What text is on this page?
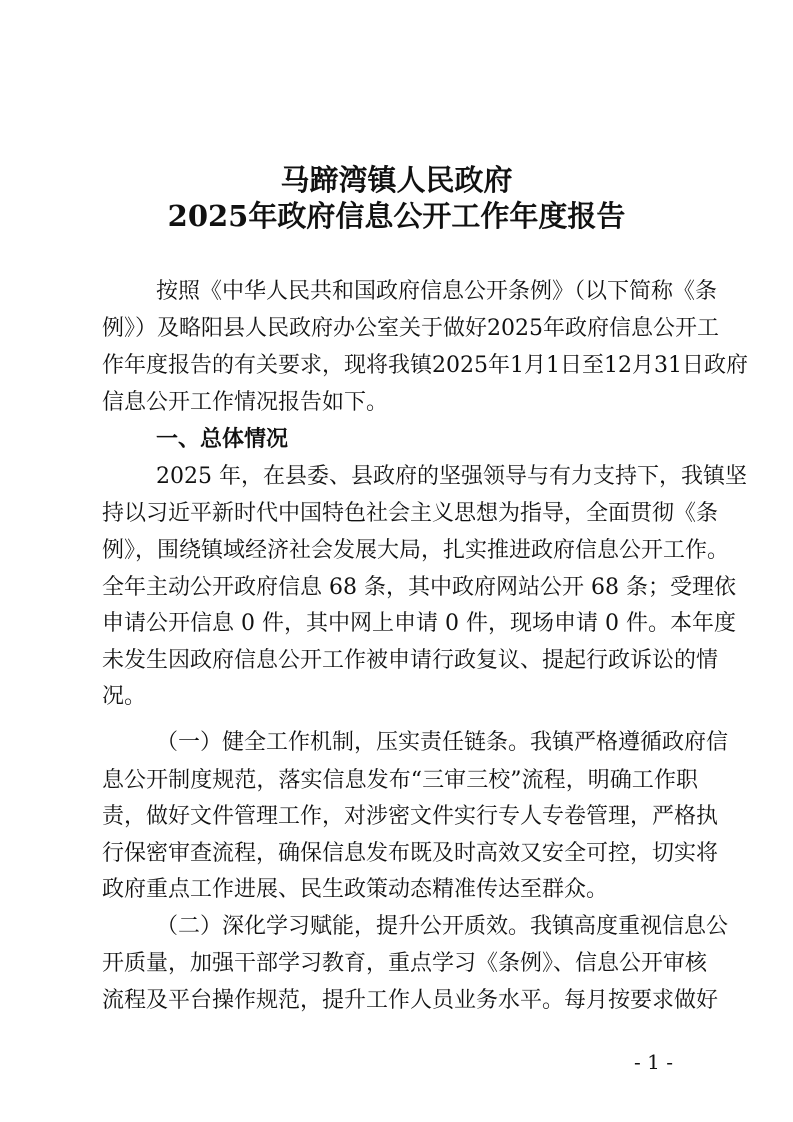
马蹄湾镇人民政府
2025年政府信息公开工作年度报告
按照《中华人民共和国政府信息公开条例》（以下简称《条
例》）及略阳县人民政府办公室关于做好2025年政府信息公开工
作年度报告的有关要求，现将我镇2025年1月1日至12月31日政府
信息公开工作情况报告如下。
一、总体情况
2025 年，在县委、县政府的坚强领导与有力支持下，我镇坚
持以习近平新时代中国特色社会主义思想为指导，全面贯彻《条
例》，围绕镇域经济社会发展大局，扎实推进政府信息公开工作。
全年主动公开政府信息 68 条，其中政府网站公开 68 条；受理依
申请公开信息 0 件，其中网上申请 0 件，现场申请 0 件。本年度
未发生因政府信息公开工作被申请行政复议、提起行政诉讼的情
况。
（一）健全工作机制，压实责任链条。我镇严格遵循政府信
息公开制度规范，落实信息发布“三审三校”流程，明确工作职
责，做好文件管理工作，对涉密文件实行专人专卷管理，严格执
行保密审查流程，确保信息发布既及时高效又安全可控，切实将
政府重点工作进展、民生政策动态精准传达至群众。
（二）深化学习赋能，提升公开质效。我镇高度重视信息公
开质量，加强干部学习教育，重点学习《条例》、信息公开审核
流程及平台操作规范，提升工作人员业务水平。每月按要求做好
- 1 -
